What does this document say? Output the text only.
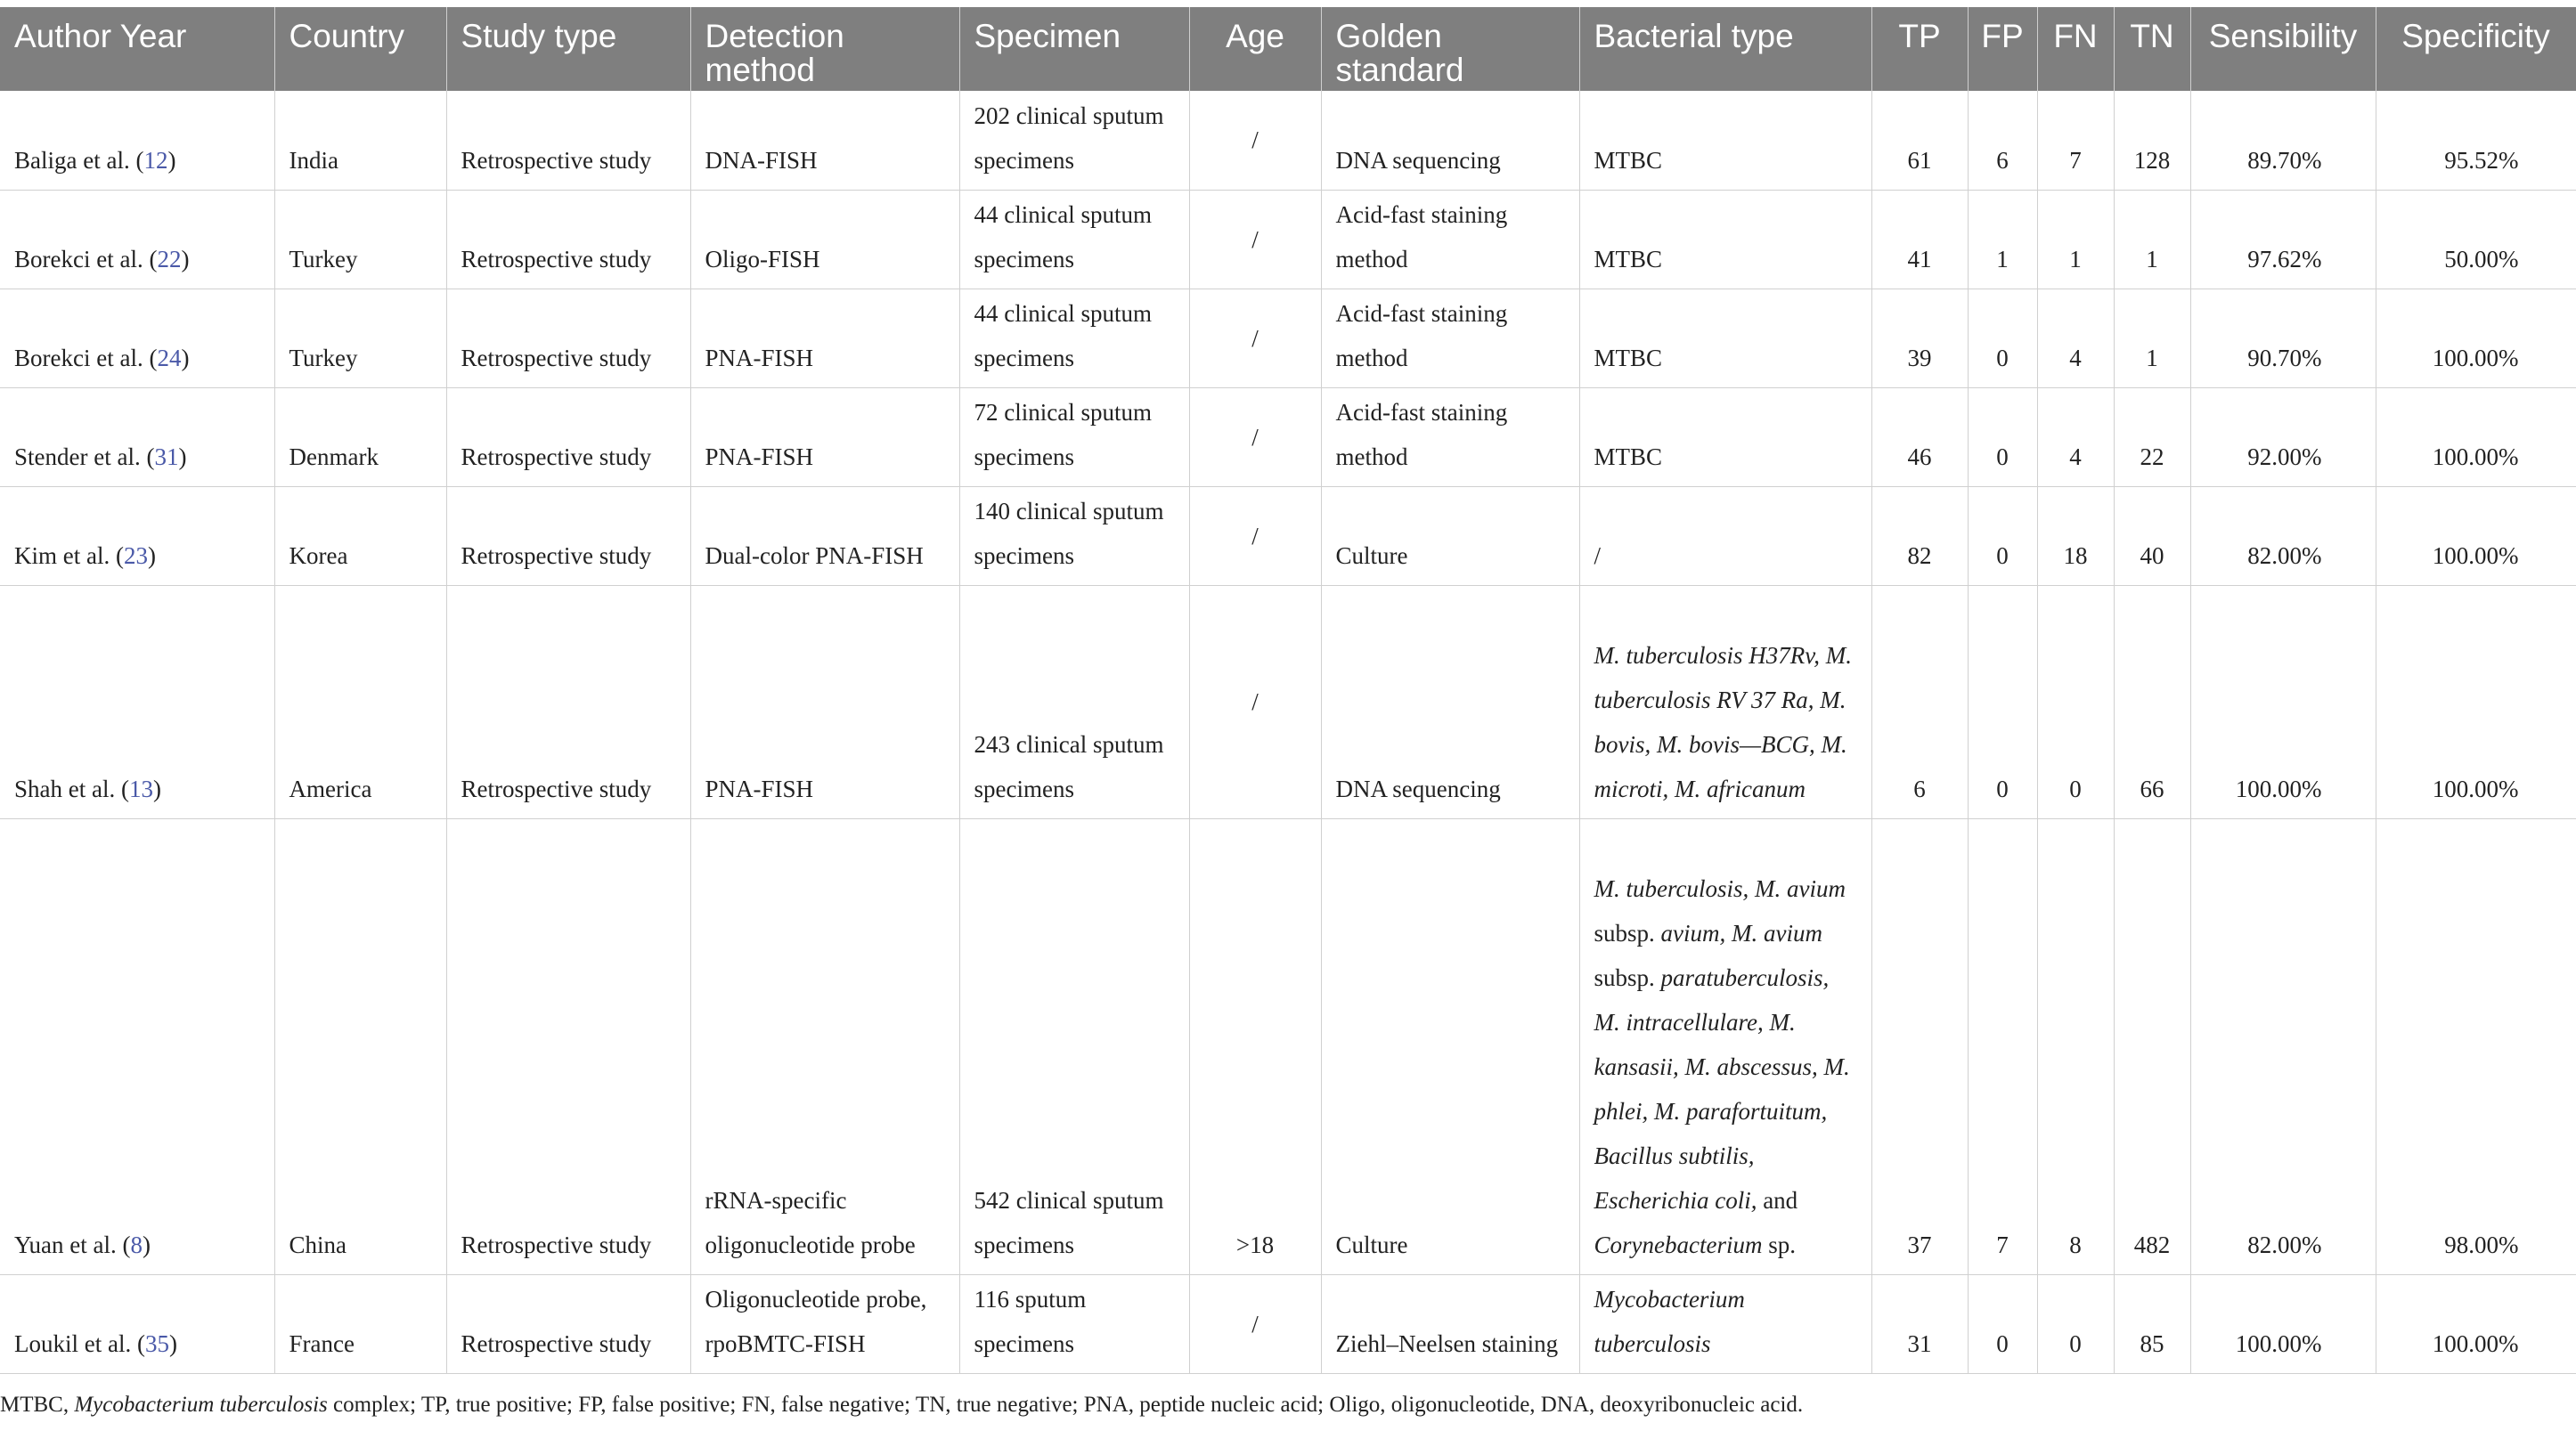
Author Year	Country	Study type	Detection method	Specimen	Age	Golden standard	Bacterial type	TP	FP	FN	TN	Sensibility	Specificity
Baliga et al. (12)	India	Retrospective study	DNA-FISH	202 clinical sputum specimens	/	DNA sequencing	MTBC	61	6	7	128	89.70%	95.52%
Borekci et al. (22)	Turkey	Retrospective study	Oligo-FISH	44 clinical sputum specimens	/	Acid-fast staining method	MTBC	41	1	1	1	97.62%	50.00%
Borekci et al. (24)	Turkey	Retrospective study	PNA-FISH	44 clinical sputum specimens	/	Acid-fast staining method	MTBC	39	0	4	1	90.70%	100.00%
Stender et al. (31)	Denmark	Retrospective study	PNA-FISH	72 clinical sputum specimens	/	Acid-fast staining method	MTBC	46	0	4	22	92.00%	100.00%
Kim et al. (23)	Korea	Retrospective study	Dual-color PNA-FISH	140 clinical sputum specimens	/	Culture	/	82	0	18	40	82.00%	100.00%
Shah et al. (13)	America	Retrospective study	PNA-FISH	243 clinical sputum specimens	/	DNA sequencing	M. tuberculosis H37Rv, M. tuberculosis RV 37 Ra, M. bovis, M. bovis—BCG, M. microti, M. africanum	6	0	0	66	100.00%	100.00%
Yuan et al. (8)	China	Retrospective study	rRNA-specific oligonucleotide probe	542 clinical sputum specimens	>18	Culture	M. tuberculosis, M. avium subsp. avium, M. avium subsp. paratuberculosis, M. intracellulare, M. kansasii, M. abscessus, M. phlei, M. parafortuitum, Bacillus subtilis, Escherichia coli, and Corynebacterium sp.	37	7	8	482	82.00%	98.00%
Loukil et al. (35)	France	Retrospective study	Oligonucleotide probe, rpoBMTC-FISH	116 sputum specimens	/	Ziehl–Neelsen staining	Mycobacterium tuberculosis	31	0	0	85	100.00%	100.00%
MTBC, Mycobacterium tuberculosis complex; TP, true positive; FP, false positive; FN, false negative; TN, true negative; PNA, peptide nucleic acid; Oligo, oligonucleotide, DNA, deoxyribonucleic acid.
